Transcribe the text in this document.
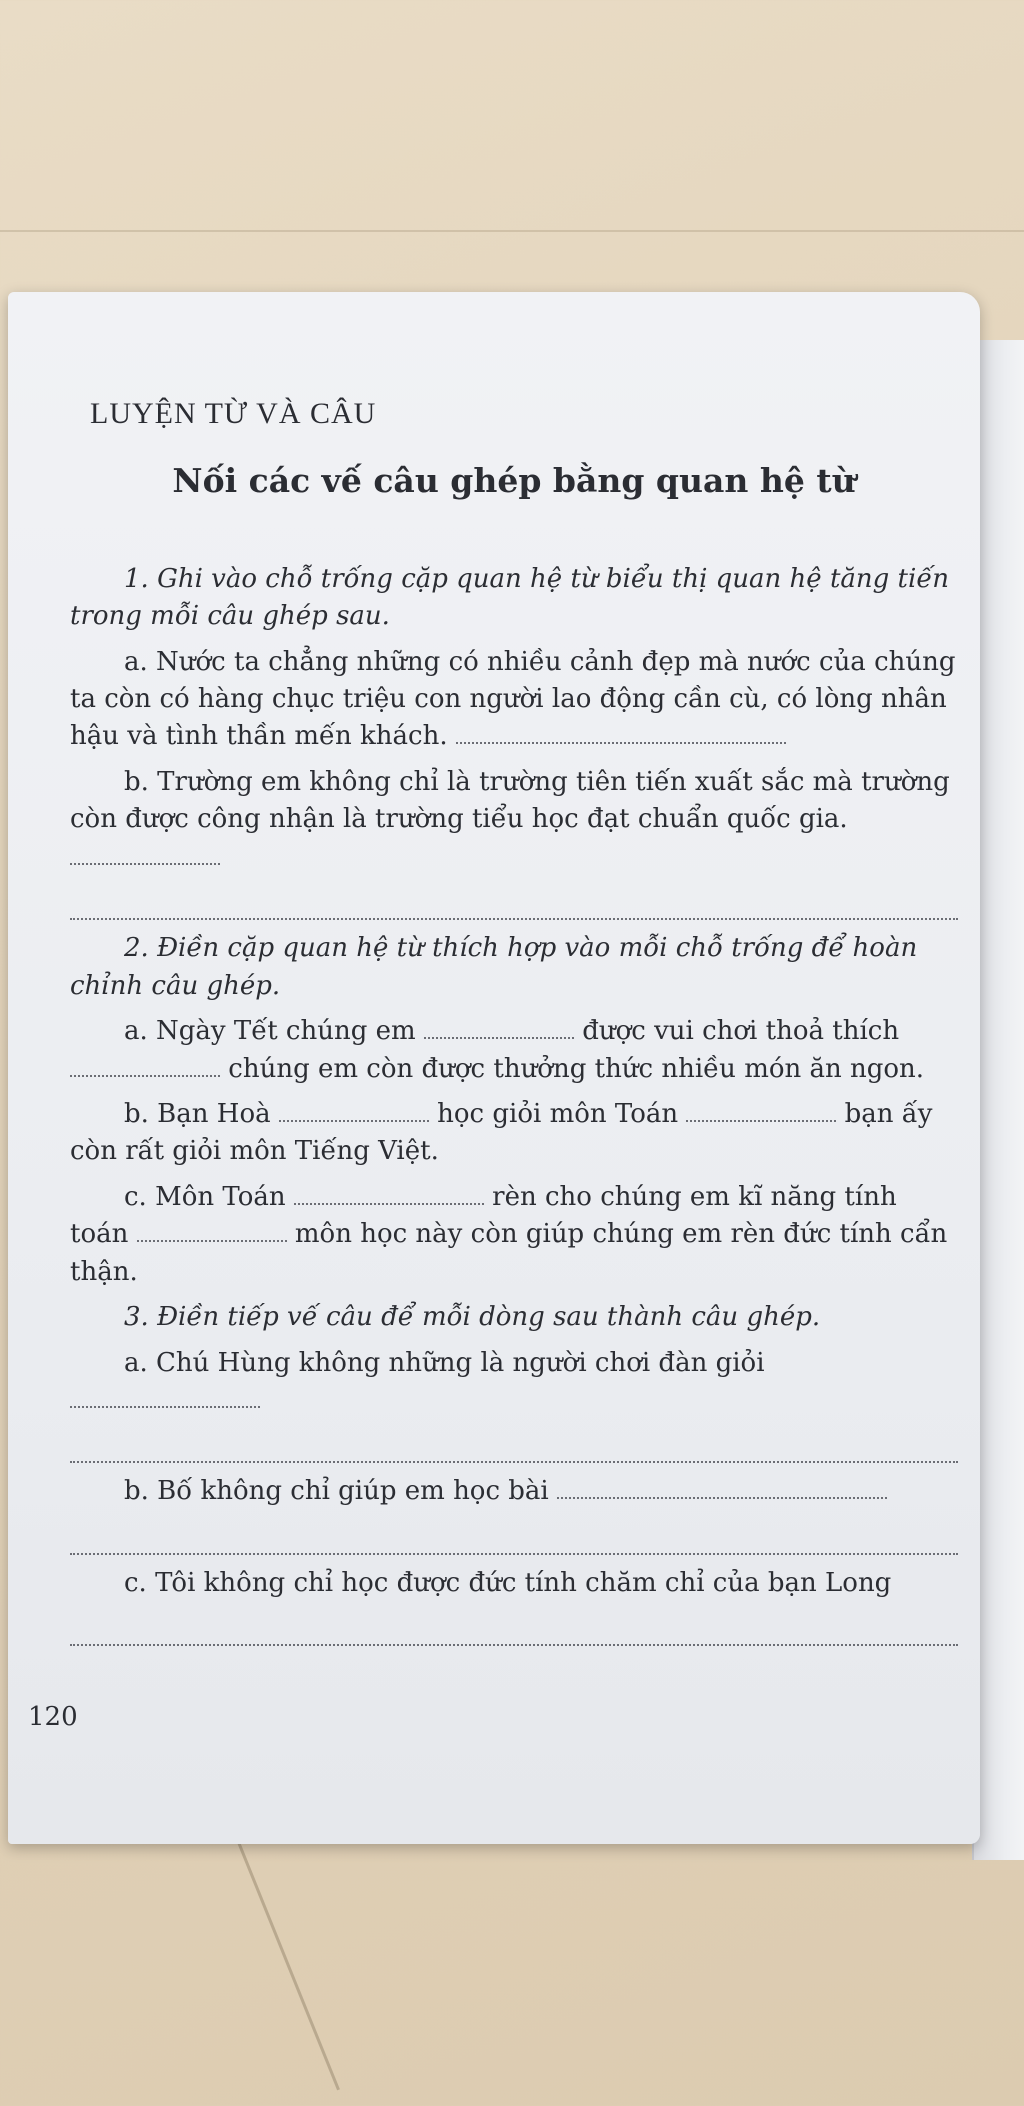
LUYỆN TỪ VÀ CÂU
Nối các vế câu ghép bằng quan hệ từ
1. Ghi vào chỗ trống cặp quan hệ từ biểu thị quan hệ tăng tiến trong mỗi câu ghép sau.
a. Nước ta chẳng những có nhiều cảnh đẹp mà nước của chúng ta còn có hàng chục triệu con người lao động cần cù, có lòng nhân hậu và tình thần mến khách.
b. Trường em không chỉ là trường tiên tiến xuất sắc mà trường còn được công nhận là trường tiểu học đạt chuẩn quốc gia.
2. Điền cặp quan hệ từ thích hợp vào mỗi chỗ trống để hoàn chỉnh câu ghép.
a. Ngày Tết chúng em	được vui chơi thoả thích  chúng em còn được thưởng thức nhiều món ăn ngon.
b. Bạn Hoà	học giỏi môn Toán	bạn ấy còn rất giỏi môn Tiếng Việt.
c. Môn Toán	rèn cho chúng em kĩ năng tính toán	môn học này còn giúp chúng em rèn đức tính cẩn thận.
3. Điền tiếp vế câu để mỗi dòng sau thành câu ghép.
a. Chú Hùng không những là người chơi đàn giỏi
b. Bố không chỉ giúp em học bài
c. Tôi không chỉ học được đức tính chăm chỉ của bạn Long
120
